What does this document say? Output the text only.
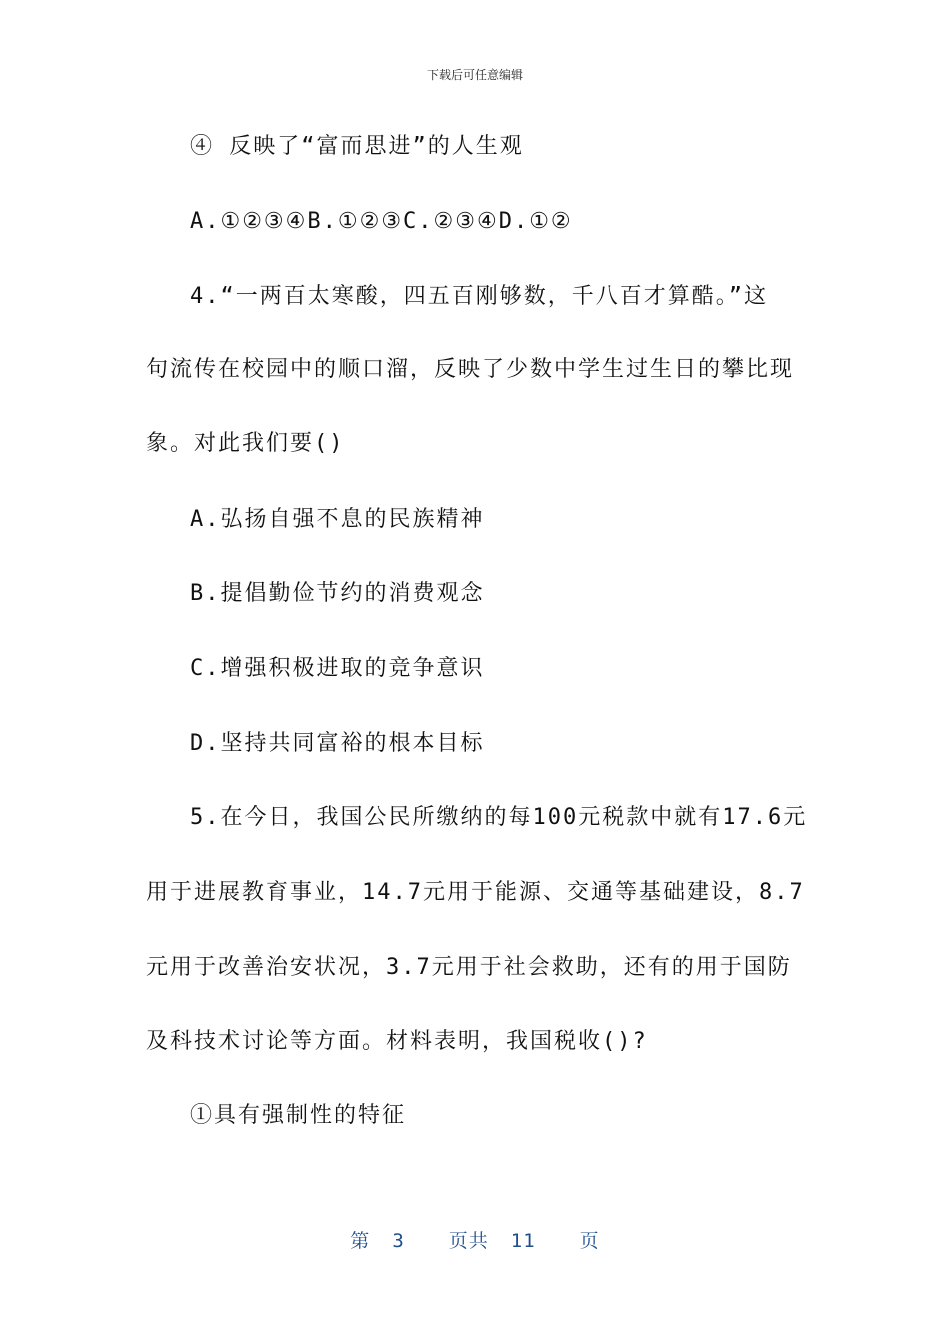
下载后可任意编辑
④ 反映了“富而思进”的人生观
A.①②③④B.①②③C.②③④D.①②
4.“一两百太寒酸，四五百刚够数，千八百才算酷。”这
句流传在校园中的顺口溜，反映了少数中学生过生日的攀比现
象。对此我们要()
A.弘扬自强不息的民族精神
B.提倡勤俭节约的消费观念
C.增强积极进取的竞争意识
D.坚持共同富裕的根本目标
5.在今日，我国公民所缴纳的每100元税款中就有17.6元
用于进展教育事业，14.7元用于能源、交通等基础建设，8.7
元用于改善治安状况，3.7元用于社会救助，还有的用于国防
及科技术讨论等方面。材料表明，我国税收()?
①具有强制性的特征
第 3 页共 11 页
